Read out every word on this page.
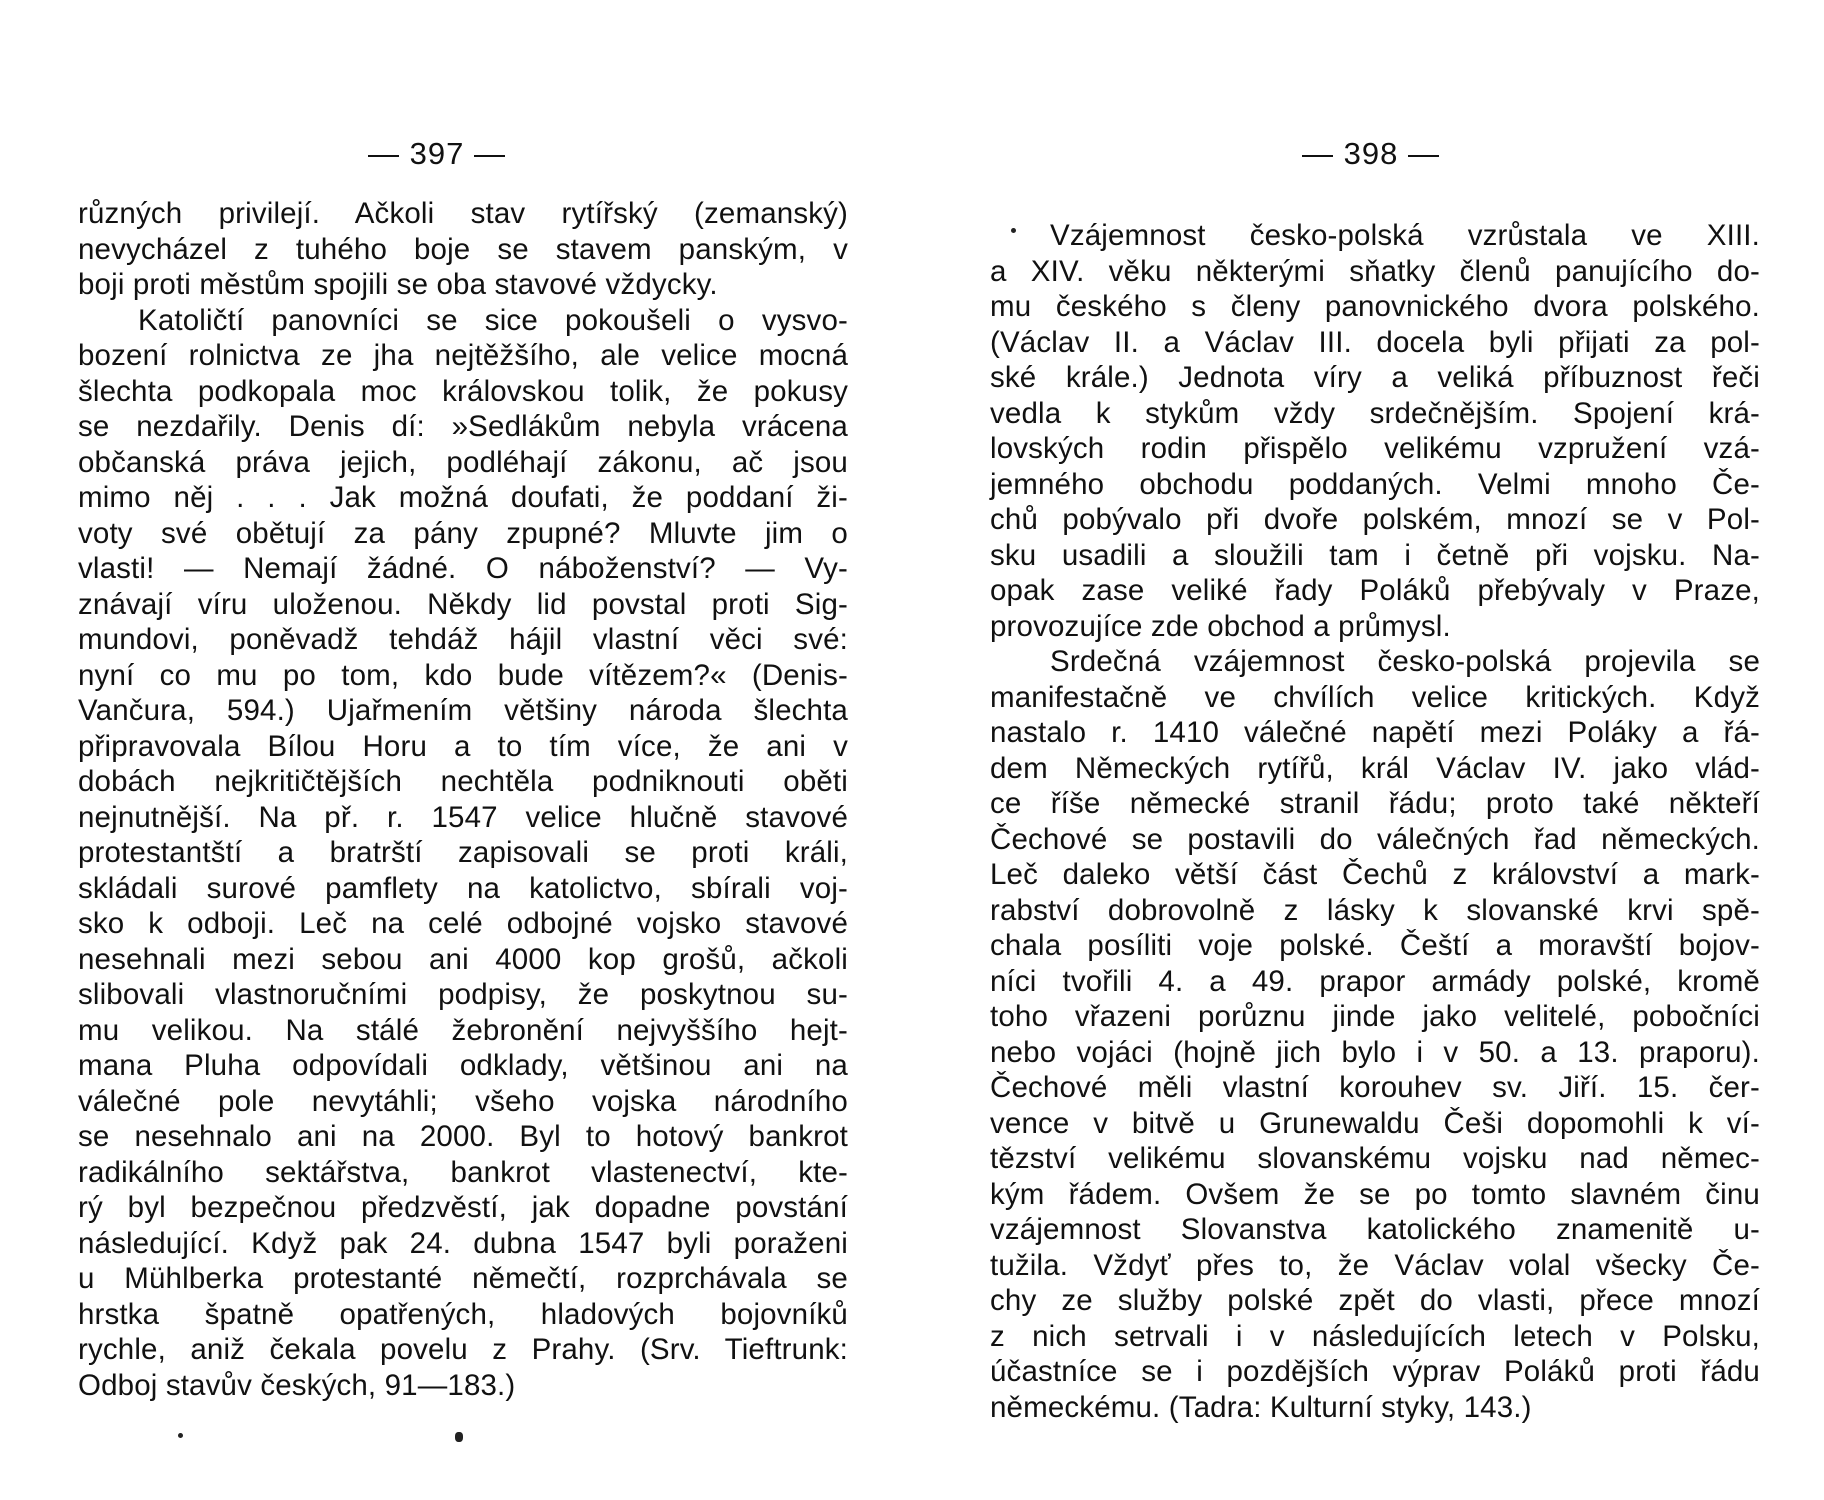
— 397 —
různých privilejí. Ačkoli stav rytířský (zemanský)
nevycházel z tuhého boje se stavem panským, v
boji proti městům spojili se oba stavové vždycky.
Katoličtí panovníci se sice pokoušeli o vysvo-
bození rolnictva ze jha nejtěžšího, ale velice mocná
šlechta podkopala moc královskou tolik, že pokusy
se nezdařily. Denis dí: »Sedlákům nebyla vrácena
občanská práva jejich, podléhají zákonu, ač jsou
mimo něj . . . Jak možná doufati, že poddaní ži-
voty své obětují za pány zpupné? Mluvte jim o
vlasti! — Nemají žádné. O náboženství? — Vy-
znávají víru uloženou. Někdy lid povstal proti Sig-
mundovi, poněvadž tehdáž hájil vlastní věci své:
nyní co mu po tom, kdo bude vítězem?« (Denis-
Vančura, 594.) Ujařmením většiny národa šlechta
připravovala Bílou Horu a to tím více, že ani v
dobách nejkritičtějších nechtěla podniknouti oběti
nejnutnější. Na př. r. 1547 velice hlučně stavové
protestantští a bratrští zapisovali se proti králi,
skládali surové pamflety na katolictvo, sbírali voj-
sko k odboji. Leč na celé odbojné vojsko stavové
nesehnali mezi sebou ani 4000 kop grošů, ačkoli
slibovali vlastnoručními podpisy, že poskytnou su-
mu velikou. Na stálé žebronění nejvyššího hejt-
mana Pluha odpovídali odklady, většinou ani na
válečné pole nevytáhli; všeho vojska národního
se nesehnalo ani na 2000. Byl to hotový bankrot
radikálního sektářstva, bankrot vlastenectví, kte-
rý byl bezpečnou předzvěstí, jak dopadne povstání
následující. Když pak 24. dubna 1547 byli poraženi
u Mühlberka protestanté němečtí, rozprchávala se
hrstka špatně opatřených, hladových bojovníků
rychle, aniž čekala povelu z Prahy. (Srv. Tieftrunk:
Odboj stavův českých, 91—183.)
— 398 —
Vzájemnost česko-polská vzrůstala ve XIII.
a XIV. věku některými sňatky členů panujícího do-
mu českého s členy panovnického dvora polského.
(Václav II. a Václav III. docela byli přijati za pol-
ské krále.) Jednota víry a veliká příbuznost řeči
vedla k stykům vždy srdečnějším. Spojení krá-
lovských rodin přispělo velikému vzpružení vzá-
jemného obchodu poddaných. Velmi mnoho Če-
chů pobývalo při dvoře polském, mnozí se v Pol-
sku usadili a sloužili tam i četně při vojsku. Na-
opak zase veliké řady Poláků přebývaly v Praze,
provozujíce zde obchod a průmysl.
Srdečná vzájemnost česko-polská projevila se
manifestačně ve chvílích velice kritických. Když
nastalo r. 1410 válečné napětí mezi Poláky a řá-
dem Německých rytířů, král Václav IV. jako vlád-
ce říše německé stranil řádu; proto také někteří
Čechové se postavili do válečných řad německých.
Leč daleko větší část Čechů z království a mark-
rabství dobrovolně z lásky k slovanské krvi spě-
chala posíliti voje polské. Čeští a moravští bojov-
níci tvořili 4. a 49. prapor armády polské, kromě
toho vřazeni porůznu jinde jako velitelé, pobočníci
nebo vojáci (hojně jich bylo i v 50. a 13. praporu).
Čechové měli vlastní korouhev sv. Jiří. 15. čer-
vence v bitvě u Grunewaldu Češi dopomohli k ví-
tězství velikému slovanskému vojsku nad němec-
kým řádem. Ovšem že se po tomto slavném činu
vzájemnost Slovanstva katolického znamenitě u-
tužila. Vždyť přes to, že Václav volal všecky Če-
chy ze služby polské zpět do vlasti, přece mnozí
z nich setrvali i v následujících letech v Polsku,
účastníce se i pozdějších výprav Poláků proti řádu
německému. (Tadra: Kulturní styky, 143.)
